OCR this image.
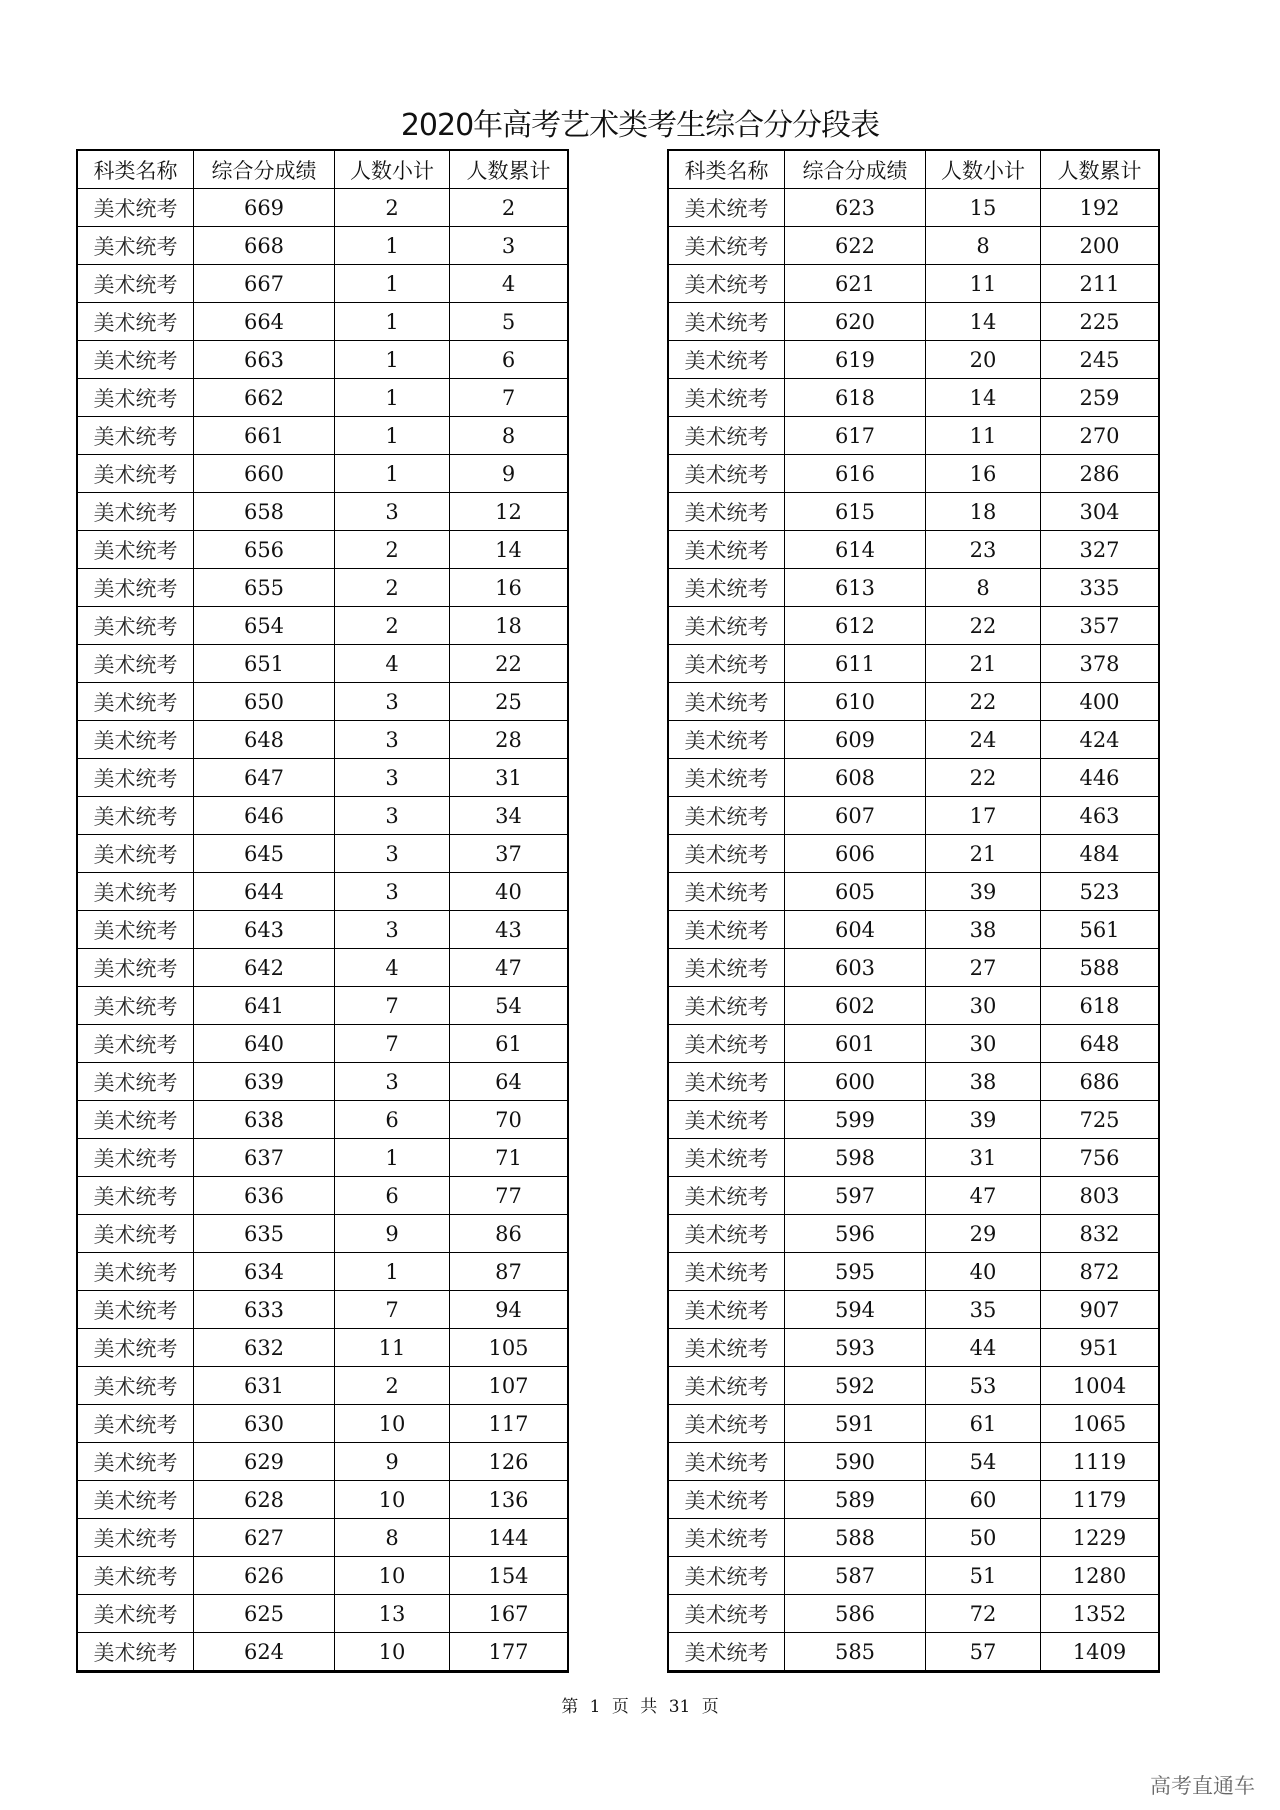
2020年高考艺术类考生综合分分段表
科类名称	综合分成绩	人数小计	人数累计
美术统考	669	2	2
美术统考	668	1	3
美术统考	667	1	4
美术统考	664	1	5
美术统考	663	1	6
美术统考	662	1	7
美术统考	661	1	8
美术统考	660	1	9
美术统考	658	3	12
美术统考	656	2	14
美术统考	655	2	16
美术统考	654	2	18
美术统考	651	4	22
美术统考	650	3	25
美术统考	648	3	28
美术统考	647	3	31
美术统考	646	3	34
美术统考	645	3	37
美术统考	644	3	40
美术统考	643	3	43
美术统考	642	4	47
美术统考	641	7	54
美术统考	640	7	61
美术统考	639	3	64
美术统考	638	6	70
美术统考	637	1	71
美术统考	636	6	77
美术统考	635	9	86
美术统考	634	1	87
美术统考	633	7	94
美术统考	632	11	105
美术统考	631	2	107
美术统考	630	10	117
美术统考	629	9	126
美术统考	628	10	136
美术统考	627	8	144
美术统考	626	10	154
美术统考	625	13	167
美术统考	624	10	177
科类名称	综合分成绩	人数小计	人数累计
美术统考	623	15	192
美术统考	622	8	200
美术统考	621	11	211
美术统考	620	14	225
美术统考	619	20	245
美术统考	618	14	259
美术统考	617	11	270
美术统考	616	16	286
美术统考	615	18	304
美术统考	614	23	327
美术统考	613	8	335
美术统考	612	22	357
美术统考	611	21	378
美术统考	610	22	400
美术统考	609	24	424
美术统考	608	22	446
美术统考	607	17	463
美术统考	606	21	484
美术统考	605	39	523
美术统考	604	38	561
美术统考	603	27	588
美术统考	602	30	618
美术统考	601	30	648
美术统考	600	38	686
美术统考	599	39	725
美术统考	598	31	756
美术统考	597	47	803
美术统考	596	29	832
美术统考	595	40	872
美术统考	594	35	907
美术统考	593	44	951
美术统考	592	53	1004
美术统考	591	61	1065
美术统考	590	54	1119
美术统考	589	60	1179
美术统考	588	50	1229
美术统考	587	51	1280
美术统考	586	72	1352
美术统考	585	57	1409
第 1 页 共 31 页
高考直通车
